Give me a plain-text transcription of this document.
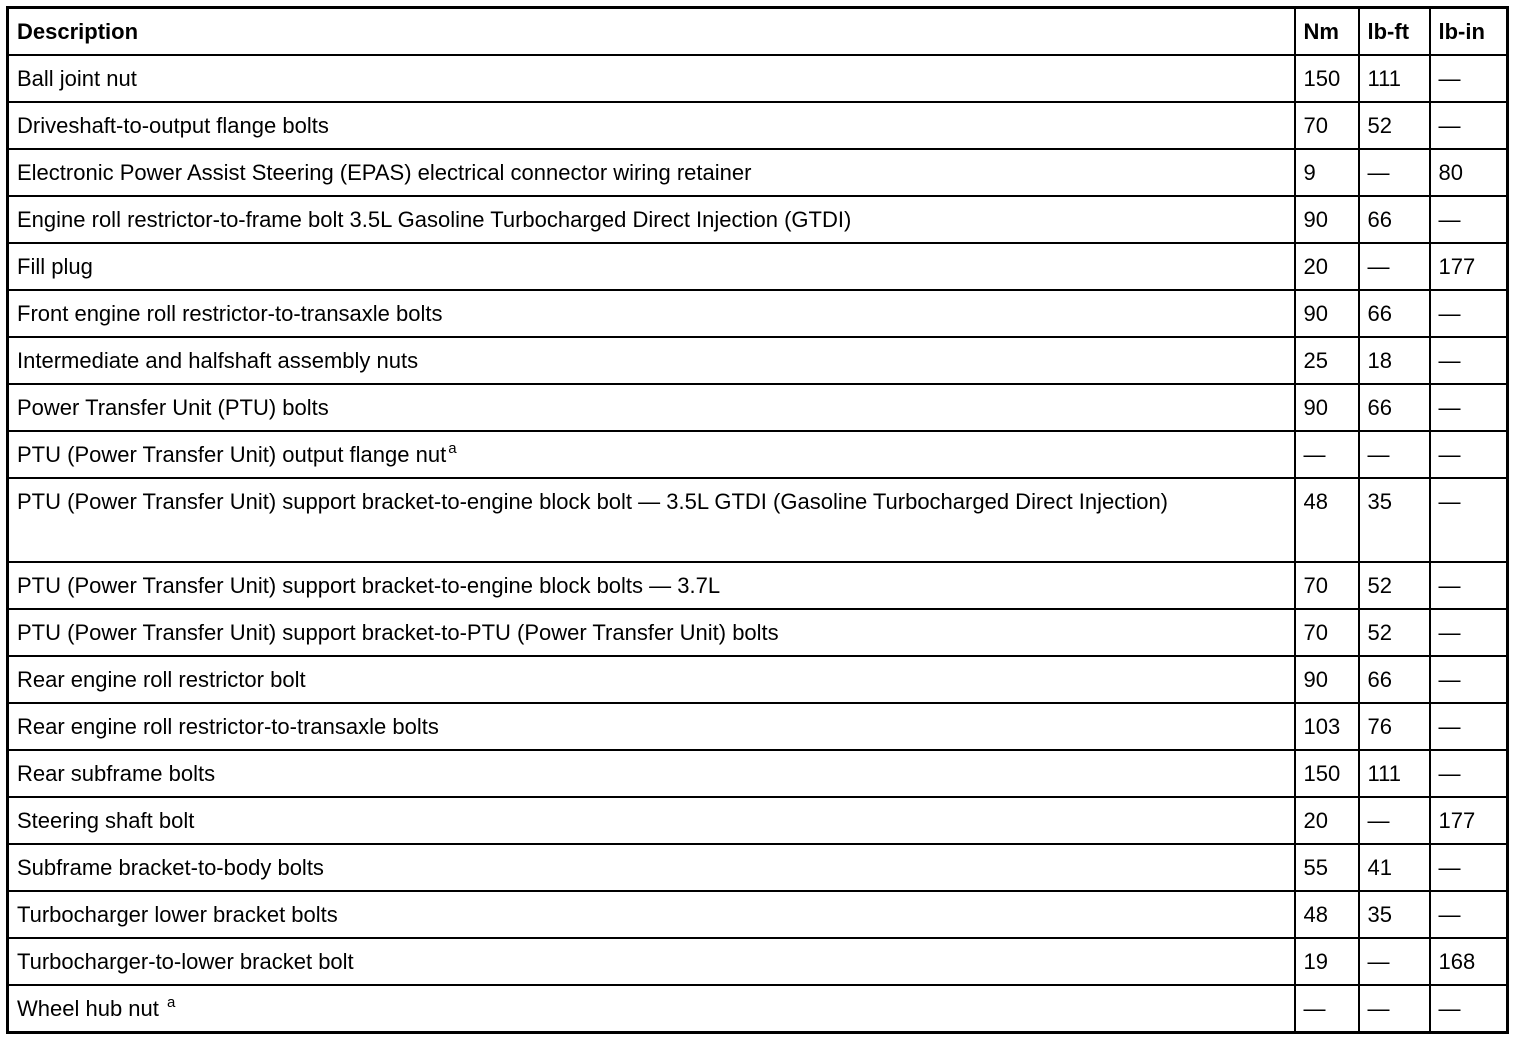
Description	Nm	lb-ft	lb-in
Ball joint nut	150	111	—
Driveshaft-to-output flange bolts	70	52	—
Electronic Power Assist Steering (EPAS) electrical connector wiring retainer	9	—	80
Engine roll restrictor-to-frame bolt 3.5L Gasoline Turbocharged Direct Injection (GTDI)	90	66	—
Fill plug	20	—	177
Front engine roll restrictor-to-transaxle bolts	90	66	—
Intermediate and halfshaft assembly nuts	25	18	—
Power Transfer Unit (PTU) bolts	90	66	—
PTU (Power Transfer Unit) output flange nut $^a$	—	—	—
PTU (Power Transfer Unit) support bracket-to-engine block bolt — 3.5L GTDI (Gasoline Turbocharged Direct Injection)	48	35	—
PTU (Power Transfer Unit) support bracket-to-engine block bolts — 3.7L	70	52	—
PTU (Power Transfer Unit) support bracket-to-PTU (Power Transfer Unit) bolts	70	52	—
Rear engine roll restrictor bolt	90	66	—
Rear engine roll restrictor-to-transaxle bolts	103	76	—
Rear subframe bolts	150	111	—
Steering shaft bolt	20	—	177
Subframe bracket-to-body bolts	55	41	—
Turbocharger lower bracket bolts	48	35	—
Turbocharger-to-lower bracket bolt	19	—	168
Wheel hub nut $^a$	—	—	—
